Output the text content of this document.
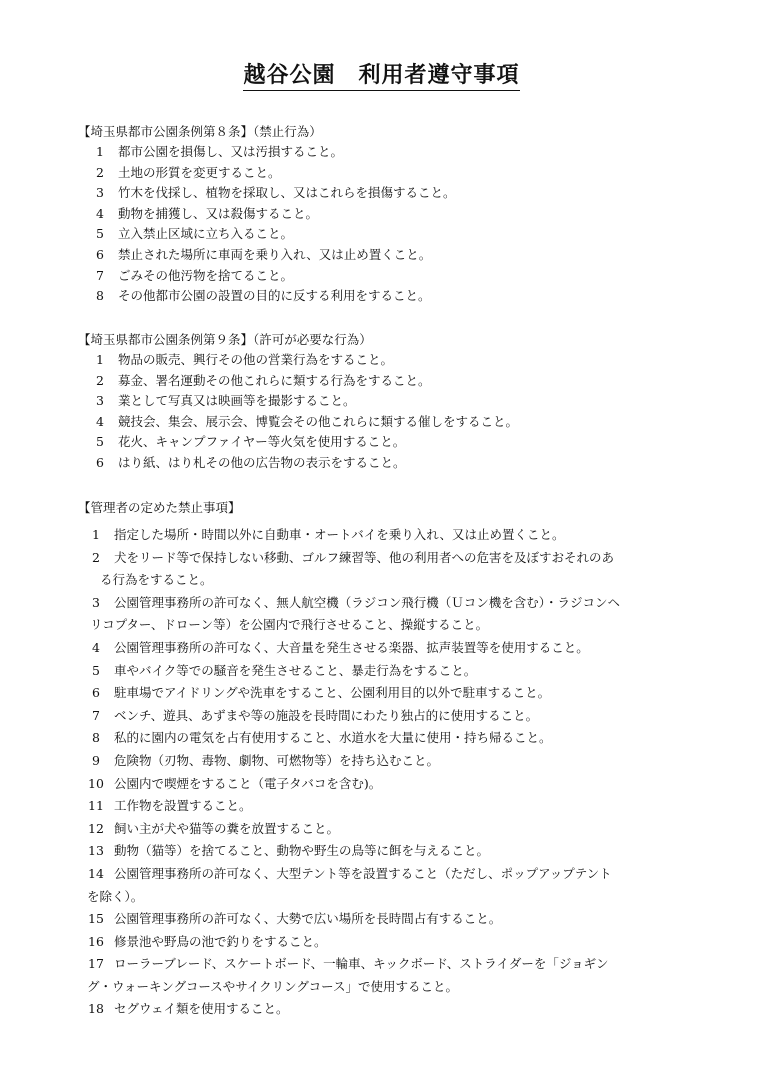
越谷公園　利用者遵守事項
【埼玉県都市公園条例第８条】（禁止行為）
1	都市公園を損傷し、又は汚損すること。
2	土地の形質を変更すること。
3	竹木を伐採し、植物を採取し、又はこれらを損傷すること。
4	動物を捕獲し、又は殺傷すること。
5	立入禁止区域に立ち入ること。
6	禁止された場所に車両を乗り入れ、又は止め置くこと。
7	ごみその他汚物を捨てること。
8	その他都市公園の設置の目的に反する利用をすること。
【埼玉県都市公園条例第９条】（許可が必要な行為）
1	物品の販売、興行その他の営業行為をすること。
2	募金、署名運動その他これらに類する行為をすること。
3	業として写真又は映画等を撮影すること。
4	競技会、集会、展示会、博覧会その他これらに類する催しをすること。
5	花火、キャンプファイヤー等火気を使用すること。
6	はり紙、はり札その他の広告物の表示をすること。
【管理者の定めた禁止事項】
1	指定した場所・時間以外に自動車・オートバイを乗り入れ、又は止め置くこと。
2	犬をリード等で保持しない移動、ゴルフ練習等、他の利用者への危害を及ぼすおそれのあ
る行為をすること。
3	公園管理事務所の許可なく、無人航空機（ラジコン飛行機（Ｕコン機を含む）・ラジコンヘ
リコプター、ドローン等）を公園内で飛行させること、操縦すること。
4	公園管理事務所の許可なく、大音量を発生させる楽器、拡声装置等を使用すること。
5	車やバイク等での騒音を発生させること、暴走行為をすること。
6	駐車場でアイドリングや洗車をすること、公園利用目的以外で駐車すること。
7	ベンチ、遊具、あずまや等の施設を長時間にわたり独占的に使用すること。
8	私的に園内の電気を占有使用すること、水道水を大量に使用・持ち帰ること。
9	危険物（刃物、毒物、劇物、可燃物等）を持ち込むこと。
10 公園内で喫煙をすること（電子タバコを含む)。
11 工作物を設置すること。
12 飼い主が犬や猫等の糞を放置すること。
13 動物（猫等）を捨てること、動物や野生の鳥等に餌を与えること。
14 公園管理事務所の許可なく、大型テント等を設置すること（ただし、ポップアップテント
を除く）。
15 公園管理事務所の許可なく、大勢で広い場所を長時間占有すること。
16 修景池や野鳥の池で釣りをすること。
17 ローラーブレード、スケートボード、一輪車、キックボード、ストライダーを「ジョギン
グ・ウォーキングコースやサイクリングコース」で使用すること。
18 セグウェイ類を使用すること。
